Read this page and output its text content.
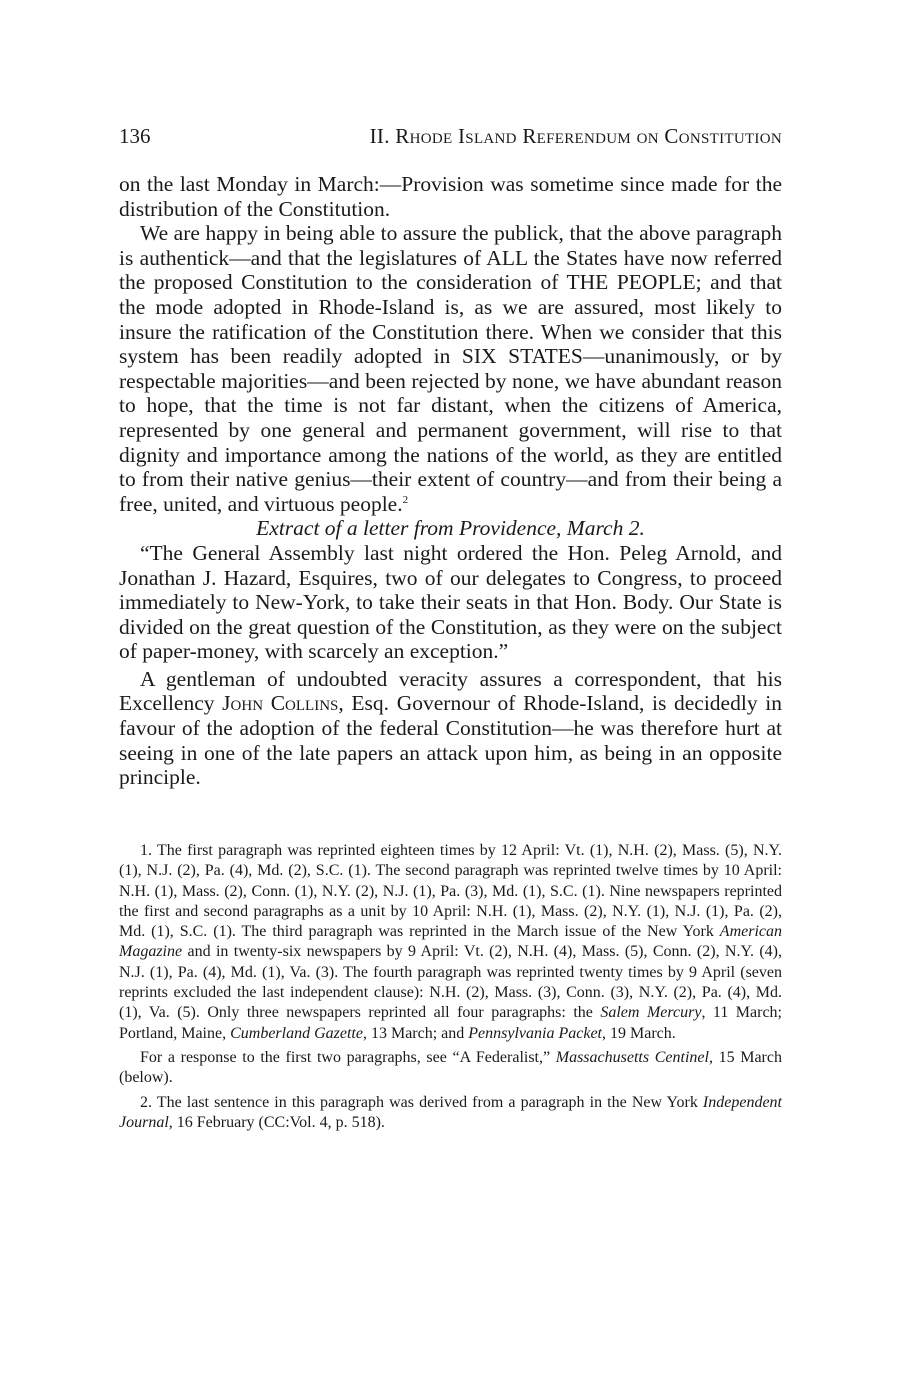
136	II. Rhode Island Referendum on Constitution

on the last Monday in March:—Provision was sometime since made for the distribution of the Constitution.

We are happy in being able to assure the publick, that the above paragraph is authentick—and that the legislatures of ALL the States have now referred the proposed Constitution to the consideration of THE PEOPLE; and that the mode adopted in Rhode-Island is, as we are assured, most likely to insure the ratification of the Constitution there. When we consider that this system has been readily adopted in SIX STATES—unanimously, or by respectable majorities—and been rejected by none, we have abundant reason to hope, that the time is not far distant, when the citizens of America, represented by one general and permanent government, will rise to that dignity and importance among the nations of the world, as they are entitled to from their native genius—their extent of country—and from their being a free, united, and virtuous people.$^2$

Extract of a letter from Providence, March 2.

“The General Assembly last night ordered the Hon. Peleg Arnold, and Jonathan J. Hazard, Esquires, two of our delegates to Congress, to proceed immediately to New-York, to take their seats in that Hon. Body. Our State is divided on the great question of the Constitution, as they were on the subject of paper-money, with scarcely an exception.”

A gentleman of undoubted veracity assures a correspondent, that his Excellency John Collins, Esq. Governour of Rhode-Island, is decidedly in favour of the adoption of the federal Constitution—he was therefore hurt at seeing in one of the late papers an attack upon him, as being in an opposite principle.

1. The first paragraph was reprinted eighteen times by 12 April: Vt. (1), N.H. (2), Mass. (5), N.Y. (1), N.J. (2), Pa. (4), Md. (2), S.C. (1). The second paragraph was reprinted twelve times by 10 April: N.H. (1), Mass. (2), Conn. (1), N.Y. (2), N.J. (1), Pa. (3), Md. (1), S.C. (1). Nine newspapers reprinted the first and second paragraphs as a unit by 10 April: N.H. (1), Mass. (2), N.Y. (1), N.J. (1), Pa. (2), Md. (1), S.C. (1). The third paragraph was reprinted in the March issue of the New York American Magazine and in twenty-six newspapers by 9 April: Vt. (2), N.H. (4), Mass. (5), Conn. (2), N.Y. (4), N.J. (1), Pa. (4), Md. (1), Va. (3). The fourth paragraph was reprinted twenty times by 9 April (seven reprints excluded the last independent clause): N.H. (2), Mass. (3), Conn. (3), N.Y. (2), Pa. (4), Md. (1), Va. (5). Only three newspapers reprinted all four paragraphs: the Salem Mercury, 11 March; Portland, Maine, Cumberland Gazette, 13 March; and Pennsylvania Packet, 19 March.

For a response to the first two paragraphs, see “A Federalist,” Massachusetts Centinel, 15 March (below).

2. The last sentence in this paragraph was derived from a paragraph in the New York Independent Journal, 16 February (CC:Vol. 4, p. 518).
